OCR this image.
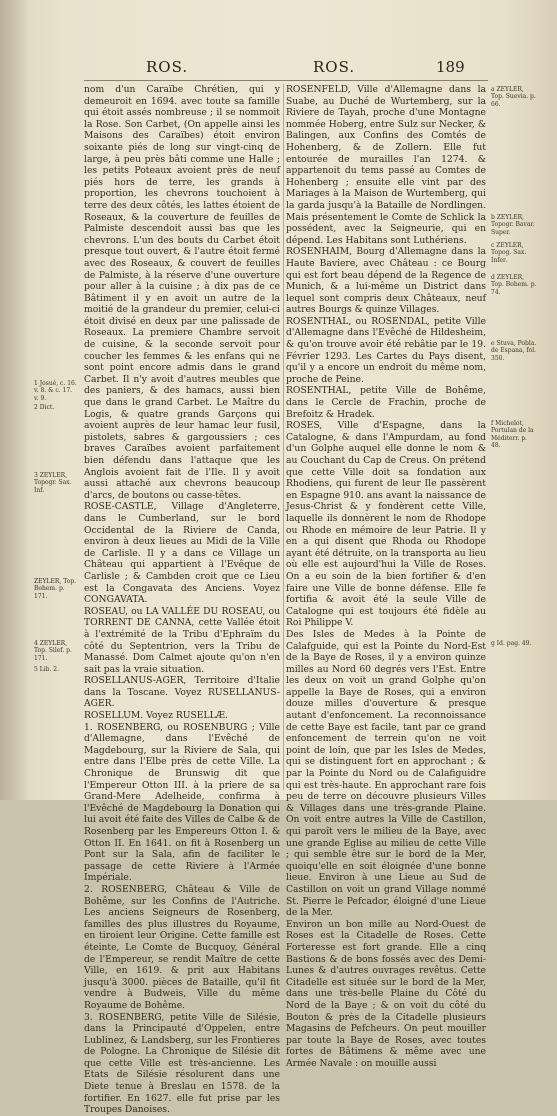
ROS.	ROS.	189

nom d'un Caraïbe Chrétien, qui y demeuroit en 1694. avec toute sa famille qui étoit assés nombreuse ; il se nommoit la Rose. Son Carbet, (On appelle ainsi les Maisons des Caraïbes) étoit environ soixante piés de long sur vingt-cinq de large, à peu près bâti comme une Halle ; les petits Poteaux avoient près de neuf piés hors de terre, les grands à proportion, les chevrons touchoient à terre des deux côtés, les lattes étoient de Roseaux, & la couverture de feuilles de Palmiste descendoit aussi bas que les chevrons. L'un des bouts du Carbet étoit presque tout ouvert, & l'autre étoit fermé avec des Roseaux, & couvert de feuilles de Palmiste, à la réserve d'une ouverture pour aller à la cuisine ; à dix pas de ce Bâtiment il y en avoit un autre de la moitié de la grandeur du premier, celui-ci étoit divisé en deux par une palissade de Roseaux. La premiere Chambre servoit de cuisine, & la seconde servoit pour coucher les femmes & les enfans qui ne sont point encore admis dans le grand Carbet. Il n'y avoit d'autres meubles que des paniers, & des hamacs, aussi bien que dans le grand Carbet. Le Maître du Logis, & quatre grands Garçons qui avoient auprès de leur hamac leur fusil, pistolets, sabres & gargoussiers ; ces braves Caraïbes avoient parfaitement bien défendu dans l'attaque que les Anglois avoient fait de l'Ile. Il y avoit aussi attaché aux chevrons beaucoup d'arcs, de boutons ou casse-têtes.

ROSE-CASTLE, Village d'Angleterre, dans le Cumberland, sur le bord Occidental de la Riviere de Canda, environ à deux lieues au Midi de la Ville de Carlisle. Il y a dans ce Village un Château qui appartient à l'Evêque de Carlisle ; & Cambden croit que ce Lieu est la Congavata des Anciens. Voyez CONGAVATA.

ROSEAU, ou LA VALLÉE DU ROSEAU, ou TORRENT DE CANNA, cette Vallée étoit à l'extrémité de la Tribu d'Ephraïm du côté du Septentrion, vers la Tribu de Manassé. Dom Calmet ajoute qu'on n'en sait pas la vraie situation.

ROSELLANUS-AGER, Territoire d'Italie dans la Toscane. Voyez RUSELLANUS-AGER.

ROSELLUM. Voyez RUSELLÆ.

1. ROSENBERG, ou ROSENBURG ; Ville d'Allemagne, dans l'Evêché de Magdebourg, sur la Riviere de Sala, qui entre dans l'Elbe près de cette Ville. La Chronique de Brunswig dit que l'Empereur Otton III. à la priere de sa Grand-Mere Adelheide, confirma à l'Evêché de Magdebourg la Donation qui lui avoit été faite des Villes de Calbe & de Rosenberg par les Empereurs Otton I. & Otton II. En 1641. on fit à Rosenberg un Pont sur la Sala, afin de faciliter le passage de cette Riviere à l'Armée Impériale.

2. ROSENBERG, Château & Ville de Bohême, sur les Confins de l'Autriche. Les anciens Seigneurs de Rosenberg, familles des plus illustres du Royaume, en tiroient leur Origine. Cette famille est éteinte, Le Comte de Bucquoy, Général de l'Empereur, se rendit Maître de cette Ville, en 1619. & prit aux Habitans jusqu'à 3000. pièces de Bataille, qu'il fit vendre à Budweis, Ville du même Royaume de Bohême.

3. ROSENBERG, petite Ville de Silésie, dans la Principauté d'Oppelen, entre Lublinez, & Landsberg, sur les Frontieres de Pologne. La Chronique de Silésie dit que cette Ville est très-ancienne. Les Etats de Silésie résolurent dans une Diete tenue à Breslau en 1578. de la fortifier. En 1627. elle fut prise par les Troupes Danoises.

ROSENFELD, Ville d'Allemagne dans la Suabe, au Duché de Wurtemberg, sur la Riviere de Tayah, proche d'une Montagne nommée Hoberg, entre Sulz sur Necker, & Balingen, aux Confins des Comtés de Hohenberg, & de Zollern. Elle fut entourée de murailles l'an 1274. & appartenoit du tems passé au Comtes de Hohenberg ; ensuite elle vint par des Mariages à la Maison de Wurtemberg, qui la garda jusqu'à la Bataille de Nordlingen. Mais présentement le Comte de Schlick la possédent, avec la Seigneurie, qui en dépend. Les Habitans sont Luthériens.

ROSENHAIM, Bourg d'Allemagne dans la Haute Baviere, avec Château : ce Bourg qui est fort beau dépend de la Regence de Munich, & a lui-même un District dans lequel sont compris deux Châteaux, neuf autres Bourgs & quinze Villages.

ROSENTHAL, ou ROSENDAL, petite Ville d'Allemagne dans l'Evêché de Hildesheim, & qu'on trouve avoir été rebâtie par le 19. Février 1293. Les Cartes du Pays disent, qu'il y a encore un endroit du même nom, proche de Peine.

ROSENTHAL, petite Ville de Bohême, dans le Cercle de Frachin, proche de Brefoitz & Hradek.

ROSES, Ville d'Espagne, dans la Catalogne, & dans l'Ampurdam, au fond d'un Golphe auquel elle donne le nom & au Couchant du Cap de Creus. On prétend que cette Ville doit sa fondation aux Rhodiens, qui furent de leur Ile passèrent en Espagne 910. ans avant la naissance de Jesus-Christ & y fondèrent cette Ville, laquelle ils donnèrent le nom de Rhodope ou Rhode en mémoire de leur Patrie. Il y en a qui disent que Rhoda ou Rhodope ayant été détruite, on la transporta au lieu où elle est aujourd'hui la Ville de Roses. On a eu soin de la bien fortifier & d'en faire une Ville de bonne défense. Elle fe fortifia & avoit été la seule Ville de Catalogne qui est toujours été fidèle au Roi Philippe V.

Des Isles de Medes à la Pointe de Calafguide, qui est la Pointe du Nord-Est de la Baye de Roses, il y a environ quinze milles au Nord 60 degrés vers l'Est. Entre les deux on voit un grand Golphe qu'on appelle la Baye de Roses, qui a environ douze milles d'ouverture & presque autant d'enfoncement. La reconnoissance de cette Baye est facile, tant par ce grand enfoncement de terrein qu'on ne voit point de loin, que par les Isles de Medes, qui se distinguent fort en approchant ; & par la Pointe du Nord ou de Calafiguidre qui est très-haute. En approchant rare fois peu de terre on découvre plusieurs Villes & Villages dans une très-grande Plaine. On voit entre autres la Ville de Castillon, qui paroît vers le milieu de la Baye, avec une grande Eglise au milieu de cette Ville ; qui semble être sur le bord de la Mer, quoiqu'elle en soit éloignée d'une bonne lieue. Environ à une Lieue au Sud de Castillon on voit un grand Village nommé St. Pierre le Pefcador, éloigné d'une Lieue de la Mer.

Environ un bon mille au Nord-Ouest de Roses est la Citadelle de Roses. Cette Forteresse est fort grande. Elle a cinq Bastions & de bons fossés avec des Demi-Lunes & d'autres ouvrages revêtus. Cette Citadelle est située sur le bord de la Mer, dans une très-belle Plaine du Côté du Nord de la Baye ; & on voit du côté du Bouton & près de la Citadelle plusieurs Magasins de Pefcheurs. On peut mouiller par toute la Baye de Roses, avec toutes fortes de Bâtimens & même avec une Armée Navale : on mouille aussi

1 Josué, c. 16. v. 8. & c. 17. v. 9.
2 Dict.
3 ZEYLER, Topogr. Sax. Inf.
ZEYLER, Top. Bohem. p. 171.
4 ZEYLER, Top. Silef. p. 171.
5 Lib. 2.
a ZEYLER, Top. Suevia. p. 66.
b ZEYLER, Topogr. Bavar. Super.
c ZEYLER, Topog. Sax. Infer.
d ZEYLER, Top. Bohem. p. 74.
e Stuva, Pobla. de Espana, fol. 350.
f Michelot, Portulan de la Méditerr. p. 48.
g Id. pag. 49.
